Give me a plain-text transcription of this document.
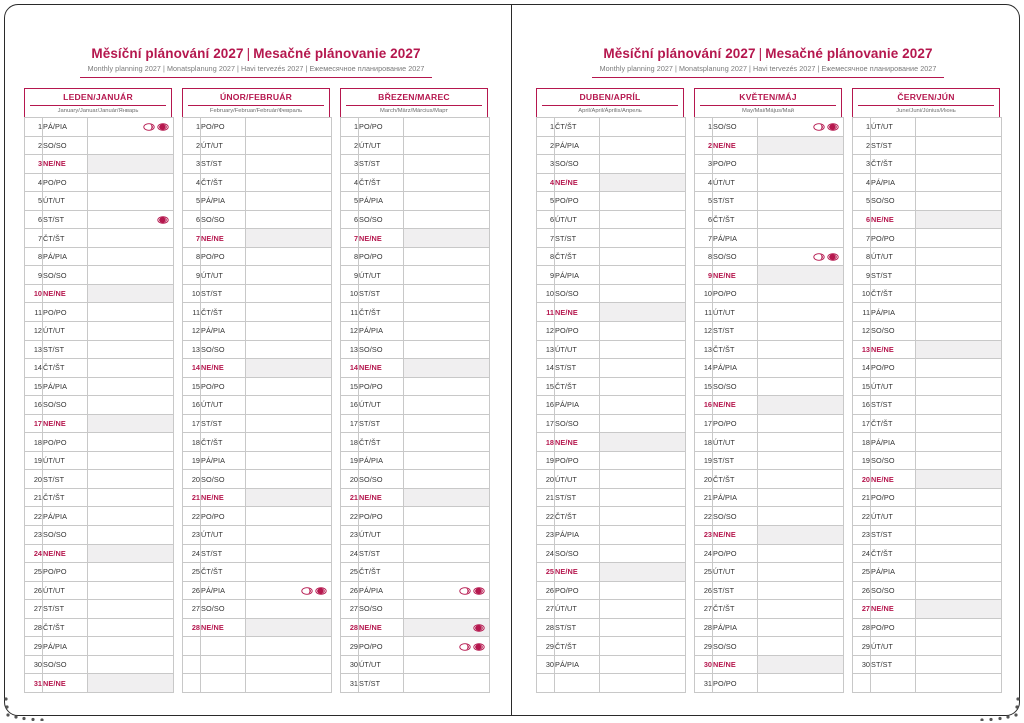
Měsíční plánování 2027 | Mesačné plánovanie 2027
Monthly planning 2027 | Monatsplanung 2027 | Havi tervezés 2027 | Ежемесячное планирование 2027
LEDEN/JANUÁR
January/Januar/Január/Январь
1	PÁ/PIA	

2	SO/SO	
3	NE/NE	
4	PO/PO	
5	ÚT/UT	
6	ST/ST	

7	ČT/ŠT	
8	PÁ/PIA	
9	SO/SO	
10	NE/NE	
11	PO/PO	
12	ÚT/UT	
13	ST/ST	
14	ČT/ŠT	
15	PÁ/PIA	
16	SO/SO	
17	NE/NE	
18	PO/PO	
19	ÚT/UT	
20	ST/ST	
21	ČT/ŠT	
22	PÁ/PIA	
23	SO/SO	
24	NE/NE	
25	PO/PO	
26	ÚT/UT	
27	ST/ST	
28	ČT/ŠT	
29	PÁ/PIA	
30	SO/SO	
31	NE/NE	
ÚNOR/FEBRUÁR
February/Februar/Február/Февраль
1	PO/PO	
2	ÚT/UT	
3	ST/ST	
4	ČT/ŠT	
5	PÁ/PIA	
6	SO/SO	
7	NE/NE	
8	PO/PO	
9	ÚT/UT	
10	ST/ST	
11	ČT/ŠT	
12	PÁ/PIA	
13	SO/SO	
14	NE/NE	
15	PO/PO	
16	ÚT/UT	
17	ST/ST	
18	ČT/ŠT	
19	PÁ/PIA	
20	SO/SO	
21	NE/NE	
22	PO/PO	
23	ÚT/UT	
24	ST/ST	
25	ČT/ŠT	
26	PÁ/PIA	

27	SO/SO	
28	NE/NE	

BŘEZEN/MAREC
March/März/Március/Март
1	PO/PO	
2	ÚT/UT	
3	ST/ST	
4	ČT/ŠT	
5	PÁ/PIA	
6	SO/SO	
7	NE/NE	
8	PO/PO	
9	ÚT/UT	
10	ST/ST	
11	ČT/ŠT	
12	PÁ/PIA	
13	SO/SO	
14	NE/NE	
15	PO/PO	
16	ÚT/UT	
17	ST/ST	
18	ČT/ŠT	
19	PÁ/PIA	
20	SO/SO	
21	NE/NE	
22	PO/PO	
23	ÚT/UT	
24	ST/ST	
25	ČT/ŠT	
26	PÁ/PIA	

27	SO/SO	
28	NE/NE	

29	PO/PO	

30	ÚT/UT	
31	ST/ST	
Měsíční plánování 2027 | Mesačné plánovanie 2027
Monthly planning 2027 | Monatsplanung 2027 | Havi tervezés 2027 | Ежемесячное планирование 2027
DUBEN/APRÍL
April/April/Április/Апрель
1	ČT/ŠT	
2	PÁ/PIA	
3	SO/SO	
4	NE/NE	
5	PO/PO	
6	ÚT/UT	
7	ST/ST	
8	ČT/ŠT	
9	PÁ/PIA	
10	SO/SO	
11	NE/NE	
12	PO/PO	
13	ÚT/UT	
14	ST/ST	
15	ČT/ŠT	
16	PÁ/PIA	
17	SO/SO	
18	NE/NE	
19	PO/PO	
20	ÚT/UT	
21	ST/ST	
22	ČT/ŠT	
23	PÁ/PIA	
24	SO/SO	
25	NE/NE	
26	PO/PO	
27	ÚT/UT	
28	ST/ST	
29	ČT/ŠT	
30	PÁ/PIA	

KVĚTEN/MÁJ
May/Mai/Május/Май
1	SO/SO	

2	NE/NE	
3	PO/PO	
4	ÚT/UT	
5	ST/ST	
6	ČT/ŠT	
7	PÁ/PIA	
8	SO/SO	

9	NE/NE	
10	PO/PO	
11	ÚT/UT	
12	ST/ST	
13	ČT/ŠT	
14	PÁ/PIA	
15	SO/SO	
16	NE/NE	
17	PO/PO	
18	ÚT/UT	
19	ST/ST	
20	ČT/ŠT	
21	PÁ/PIA	
22	SO/SO	
23	NE/NE	
24	PO/PO	
25	ÚT/UT	
26	ST/ST	
27	ČT/ŠT	
28	PÁ/PIA	
29	SO/SO	
30	NE/NE	
31	PO/PO	
ČERVEN/JÚN
June/Juni/Június/Июнь
1	ÚT/UT	
2	ST/ST	
3	ČT/ŠT	
4	PÁ/PIA	
5	SO/SO	
6	NE/NE	
7	PO/PO	
8	ÚT/UT	
9	ST/ST	
10	ČT/ŠT	
11	PÁ/PIA	
12	SO/SO	
13	NE/NE	
14	PO/PO	
15	ÚT/UT	
16	ST/ST	
17	ČT/ŠT	
18	PÁ/PIA	
19	SO/SO	
20	NE/NE	
21	PO/PO	
22	ÚT/UT	
23	ST/ST	
24	ČT/ŠT	
25	PÁ/PIA	
26	SO/SO	
27	NE/NE	
28	PO/PO	
29	ÚT/UT	
30	ST/ST	
